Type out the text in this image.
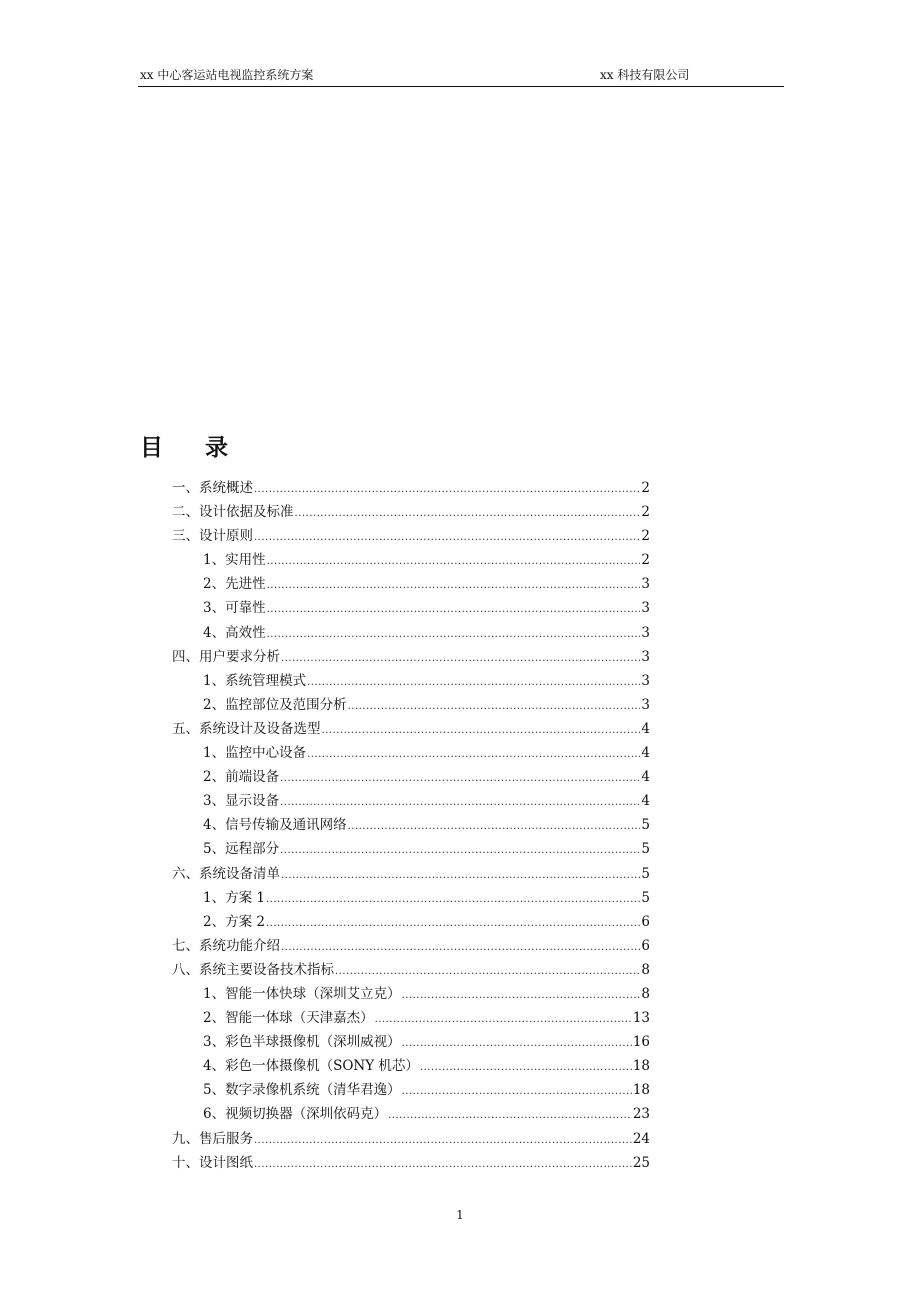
xx 中心客运站电视监控系统方案	xx 科技有限公司
目录
一、系统概述 .....	2
二、设计依据及标准 .....	2
三、设计原则 .....	2
1、实用性 .....	2
2、先进性 .....	3
3、可靠性 .....	3
4、高效性 .....	3
四、用户要求分析 .....	3
1、系统管理模式 .....	3
2、监控部位及范围分析 .....	3
五、系统设计及设备选型 .....	4
1、监控中心设备 .....	4
2、前端设备 .....	4
3、显示设备 .....	4
4、信号传输及通讯网络 .....	5
5、远程部分 .....	5
六、系统设备清单 .....	5
1、方案 1 .....	5
2、方案 2 .....	6
七、系统功能介绍 .....	6
八、系统主要设备技术指标 .....	8
1、智能一体快球（深圳艾立克） .....	8
2、智能一体球（天津嘉杰） .....	13
3、彩色半球摄像机（深圳威视） .....	16
4、彩色一体摄像机（SONY 机芯） .....	18
5、数字录像机系统（清华君逸） .....	18
6、视频切换器（深圳依码克） .....	23
九、售后服务 .....	24
十、设计图纸 .....	25
1
